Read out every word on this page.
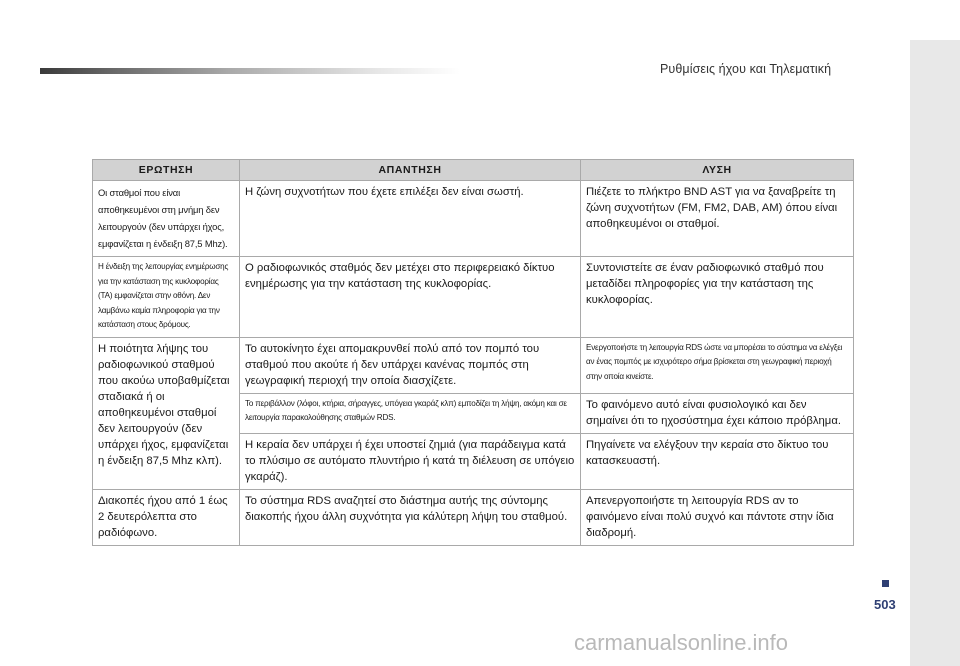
Ρυθμίσεις ήχου και Τηλεματική
503
ΕΡΩΤΗΣΗ	ΑΠΑΝΤΗΣΗ	ΛΥΣΗ
Οι σταθμοί που είναι αποθηκευμένοι στη μνήμη δεν λειτουργούν (δεν υπάρχει ήχος, εμφανίζεται η ένδειξη 87,5 Mhz).	Η ζώνη συχνοτήτων που έχετε επιλέξει δεν είναι σωστή.	Πιέζετε το πλήκτρο BND AST για να ξαναβρείτε τη ζώνη συχνοτήτων (FM, FM2, DAB, AM) όπου είναι αποθηκευμένοι οι σταθμοί.
Η ένδειξη της λειτουργίας ενημέρωσης για την κατάσταση της κυκλοφορίας (TA) εμφανίζεται στην οθόνη. Δεν λαμβάνω καμία πληροφορία για την κατάσταση στους δρόμους.	Ο ραδιοφωνικός σταθμός δεν μετέχει στο περιφερειακό δίκτυο ενημέρωσης για την κατάσταση της κυκλοφορίας.	Συντονιστείτε σε έναν ραδιοφωνικό σταθμό που μεταδίδει πληροφορίες για την κατάσταση της κυκλοφορίας.
Η ποιότητα λήψης του ραδιοφωνικού σταθμού που ακούω υποβαθμίζεται σταδιακά ή οι αποθηκευμένοι σταθμοί δεν λειτουργούν (δεν υπάρχει ήχος, εμφανίζεται η ένδειξη 87,5 Mhz κλπ).	Το αυτοκίνητο έχει απομακρυνθεί πολύ από τον πομπό του σταθμού που ακούτε ή δεν υπάρχει κανένας πομπός στη γεωγραφική περιοχή την οποία διασχίζετε.	Ενεργοποιήστε τη λειτουργία RDS ώστε να μπορέσει το σύστημα να ελέγξει αν ένας πομπός με ισχυρότερο σήμα βρίσκεται στη γεωγραφική περιοχή στην οποία κινείστε.
	Το περιβάλλον (λόφοι, κτήρια, σήραγγες, υπόγεια γκαράζ κλπ) εμποδίζει τη λήψη, ακόμη και σε λειτουργία παρακολούθησης σταθμών RDS.	Το φαινόμενο αυτό είναι φυσιολογικό και δεν σημαίνει ότι το ηχοσύστημα έχει κάποιο πρόβλημα.
	Η κεραία δεν υπάρχει ή έχει υποστεί ζημιά (για παράδειγμα κατά το πλύσιμο σε αυτόματο πλυντήριο ή κατά τη διέλευση σε υπόγειο γκαράζ).	Πηγαίνετε να ελέγξουν την κεραία στο δίκτυο του κατασκευαστή.
Διακοπές ήχου από 1 έως 2 δευτερόλεπτα στο ραδιόφωνο.	Το σύστημα RDS αναζητεί στο διάστημα αυτής της σύντομης διακοπής ήχου άλλη συχνότητα για κάλύτερη λήψη του σταθμού.	Απενεργοποιήστε τη λειτουργία RDS αν το φαινόμενο είναι πολύ συχνό και πάντοτε στην ίδια διαδρομή.
carmanualsonline.info
